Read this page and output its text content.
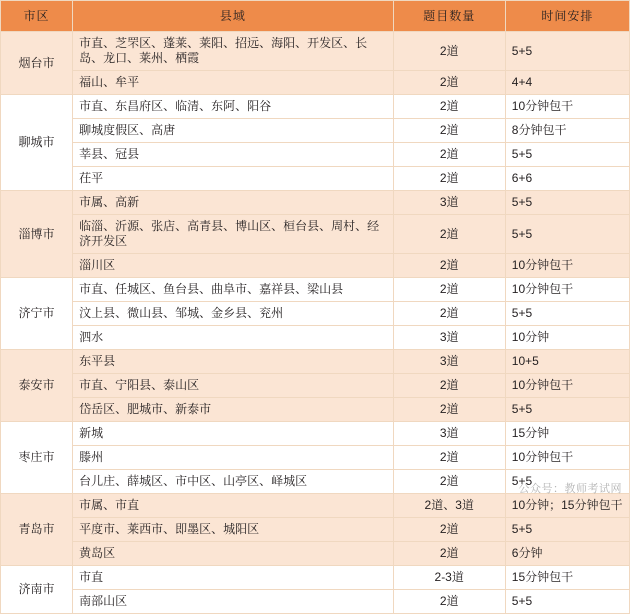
市区	县域	题目数量	时间安排
烟台市	市直、芝罘区、蓬莱、莱阳、招远、海阳、开发区、长岛、龙口、莱州、栖霞	2道	5+5
	福山、牟平	2道	4+4
聊城市	市直、东昌府区、临清、东阿、阳谷	2道	10分钟包干
	聊城度假区、高唐	2道	8分钟包干
	莘县、冠县	2道	5+5
	茌平	2道	6+6
淄博市	市属、高新	3道	5+5
	临淄、沂源、张店、高青县、博山区、桓台县、周村、经济开发区	2道	5+5
	淄川区	2道	10分钟包干
济宁市	市直、任城区、鱼台县、曲阜市、嘉祥县、梁山县	2道	10分钟包干
	汶上县、微山县、邹城、金乡县、兖州	2道	5+5
	泗水	3道	10分钟
泰安市	东平县	3道	10+5
	市直、宁阳县、泰山区	2道	10分钟包干
	岱岳区、肥城市、新泰市	2道	5+5
枣庄市	新城	3道	15分钟
	滕州	2道	10分钟包干
	台儿庄、薛城区、市中区、山亭区、峄城区	2道	5+5
青岛市	市属、市直	2道、3道	10分钟；15分钟包干
	平度市、莱西市、即墨区、城阳区	2道	5+5
	黄岛区	2道	6分钟
济南市	市直	2-3道	15分钟包干
	南部山区	2道	5+5
公众号：教师考试网
